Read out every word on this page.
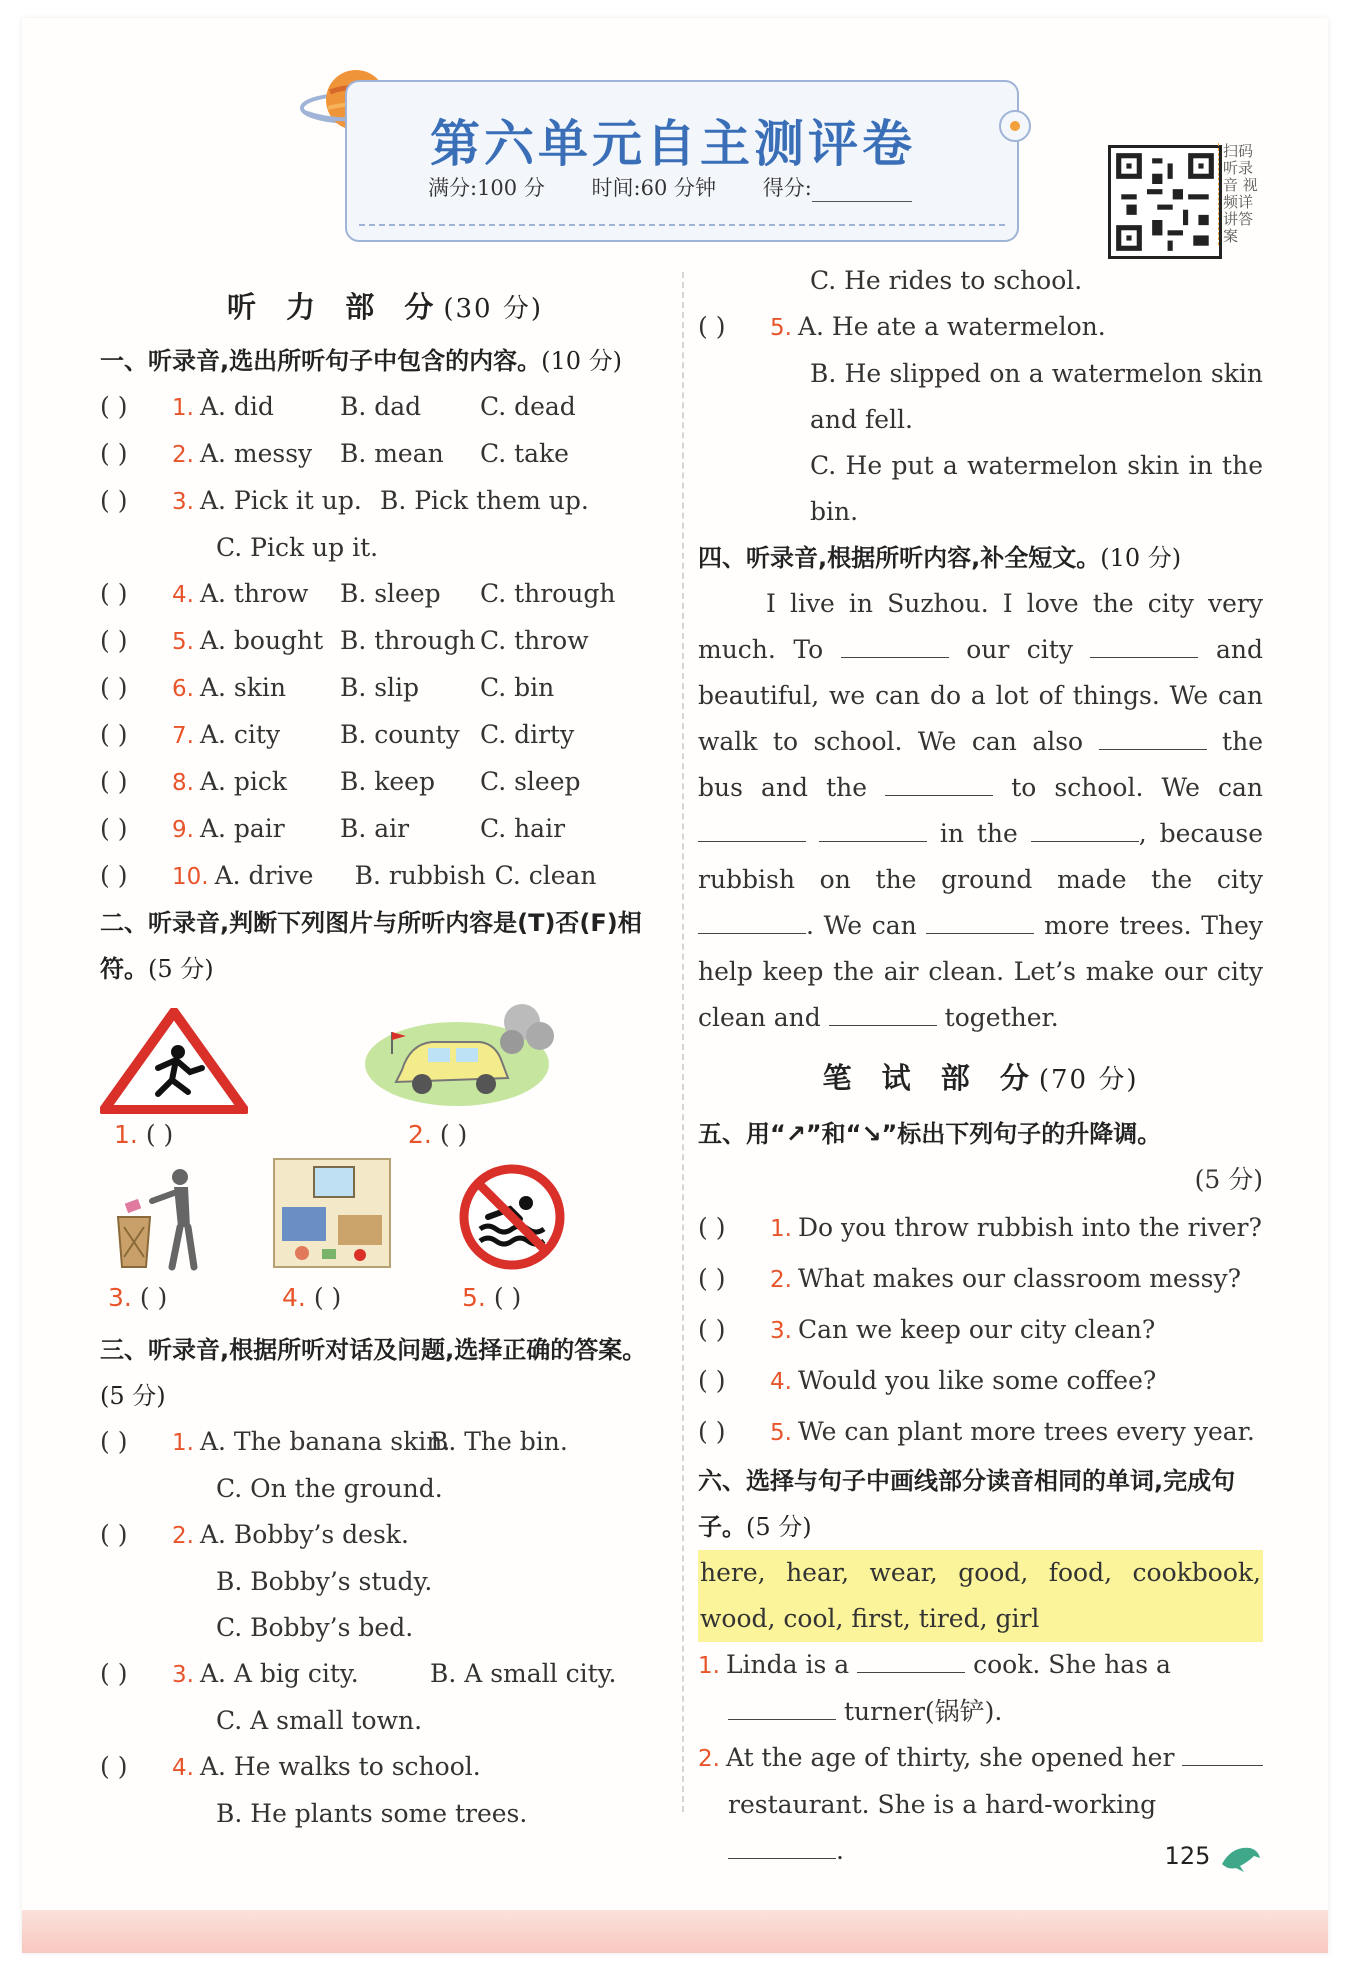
第六单元自主测评卷
满分:100 分 时间:60 分钟 得分:
扫码听录音 视频详讲答案
听 力 部 分(30 分)
一、听录音,选出所听句子中包含的内容。(10 分)
( )	1. A. did	B. dad	C. dead
( )	2. A. messy	B. mean	C. take
( )	3. A. Pick it up. B. Pick them up.
C. Pick up it.
( )	4. A. throw	B. sleep	C. through
( )	5. A. bought B. through C. throw
( )	6. A. skin	B. slip	C. bin
( )	7. A. city	B. county C. dirty
( )	8. A. pick	B. keep	C. sleep
( )	9. A. pair	B. air	C. hair
( )	10. A. drive	B. rubbish C. clean
二、听录音,判断下列图片与所听内容是(T)否(F)相符。(5 分)
1. ( )	2. ( )
3. ( )	4. ( )	5. ( )
三、听录音,根据所听对话及问题,选择正确的答案。(5 分)
( )	1. A. The banana skin.
B. The bin.
C. On the ground.
( )	2. A. Bobby’s desk.
B. Bobby’s study.
C. Bobby’s bed.
( )	3. A. A big city.	B. A small city.
C. A small town.
( )	4. A. He walks to school.
B. He plants some trees.
C. He rides to school.
( )	5. A. He ate a watermelon.
B. He slipped on a watermelon skin and fell.
C. He put a watermelon skin in the bin.
四、听录音,根据所听内容,补全短文。(10 分)
I live in Suzhou. I love the city very much. To	our city	and beautiful, we can do a lot of things. We can walk to school. We can also	the bus and the	to school. We can   in the	, because rubbish on the ground made the city . We can	more trees. They help keep the air clean. Let’s make our city clean and	together.
笔 试 部 分(70 分)
五、用“↗”和“↘”标出下列句子的升降调。
(5 分)
( )	1. Do you throw rubbish into the river?
( )	2. What makes our classroom messy?
( )	3. Can we keep our city clean?
( )	4. Would you like some coffee?
( )	5. We can plant more trees every year.
六、选择与句子中画线部分读音相同的单词,完成句子。(5 分)
here, hear, wear, good, food, cookbook,
wood, cool, first, tired, girl
1. Linda is a

	cook. She has a
turner(锅铲).
2. At the age of thirty, she opened her

restaurant. She is a hard-working .	125
